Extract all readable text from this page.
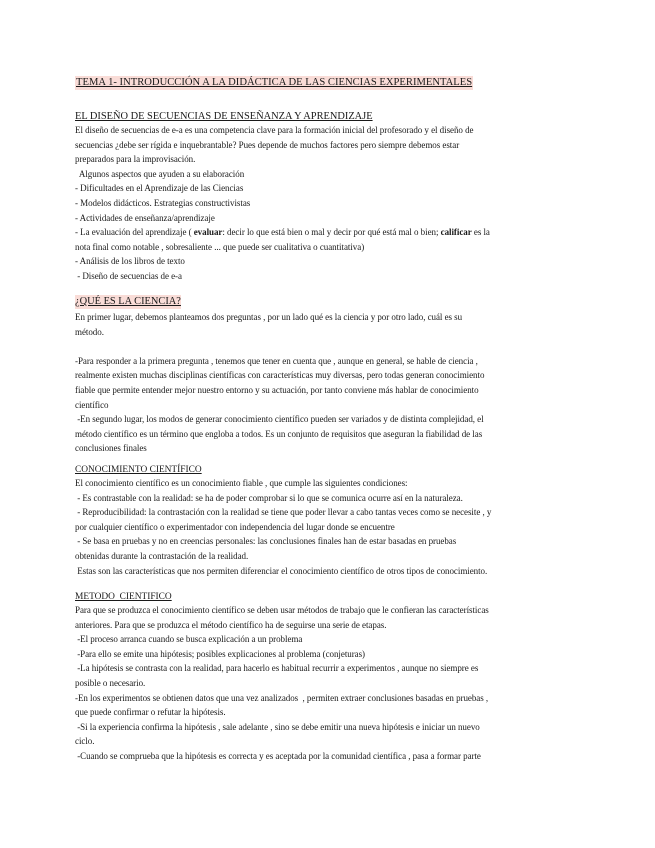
TEMA 1- INTRODUCCIÓN A LA DIDÁCTICA DE LAS CIENCIAS EXPERIMENTALES
EL DISEÑO DE SECUENCIAS DE ENSEÑANZA Y APRENDIZAJE

El diseño de secuencias de e-a es una competencia clave para la formación inicial del profesorado y el diseño de

secuencias ¿debe ser rígida e inquebrantable? Pues depende de muchos factores pero siempre debemos estar

preparados para la improvisación.

Algunos aspectos que ayuden a su elaboración

- Dificultades en el Aprendizaje de las Ciencias

- Modelos didácticos. Estrategias constructivistas

- Actividades de enseñanza/aprendizaje

- La evaluación del aprendizaje ( evaluar: decir lo que está bien o mal y decir por qué está mal o bien; calificar es la

nota final como notable , sobresaliente ... que puede ser cualitativa o cuantitativa)

- Análisis de los libros de texto

- Diseño de secuencias de e-a

¿QUÉ ES LA CIENCIA?

En primer lugar, debemos planteamos dos preguntas , por un lado qué es la ciencia y por otro lado, cuál es su

método.

-Para responder a la primera pregunta , tenemos que tener en cuenta que , aunque en general, se hable de ciencia ,

realmente existen muchas disciplinas científicas con características muy diversas, pero todas generan conocimiento

fiable que permite entender mejor nuestro entorno y su actuación, por tanto conviene más hablar de conocimiento

científico

-En segundo lugar, los modos de generar conocimiento científico pueden ser variados y de distinta complejidad, el

método científico es un término que engloba a todos. Es un conjunto de requisitos que aseguran la fiabilidad de las

conclusiones finales

CONOCIMIENTO CIENTÍFICO

El conocimiento científico es un conocimiento fiable , que cumple las siguientes condiciones:

- Es contrastable con la realidad: se ha de poder comprobar si lo que se comunica ocurre así en la naturaleza.

- Reproducibilidad: la contrastación con la realidad se tiene que poder llevar a cabo tantas veces como se necesite , y

por cualquier científico o experimentador con independencia del lugar donde se encuentre

- Se basa en pruebas y no en creencias personales: las conclusiones finales han de estar basadas en pruebas

obtenidas durante la contrastación de la realidad.

Estas son las características que nos permiten diferenciar el conocimiento científico de otros tipos de conocimiento.

METODO  CIENTIFICO

Para que se produzca el conocimiento científico se deben usar métodos de trabajo que le confieran las características

anteriores. Para que se produzca el método científico ha de seguirse una serie de etapas.

-El proceso arranca cuando se busca explicación a un problema

-Para ello se emite una hipótesis; posibles explicaciones al problema (conjeturas)

-La hipótesis se contrasta con la realidad, para hacerlo es habitual recurrir a experimentos , aunque no siempre es

posible o necesario.

-En los experimentos se obtienen datos que una vez analizados  , permiten extraer conclusiones basadas en pruebas ,

que puede confirmar o refutar la hipótesis.

-Si la experiencia confirma la hipótesis , sale adelante , sino se debe emitir una nueva hipótesis e iniciar un nuevo

ciclo.

-Cuando se comprueba que la hipótesis es correcta y es aceptada por la comunidad científica , pasa a formar parte
